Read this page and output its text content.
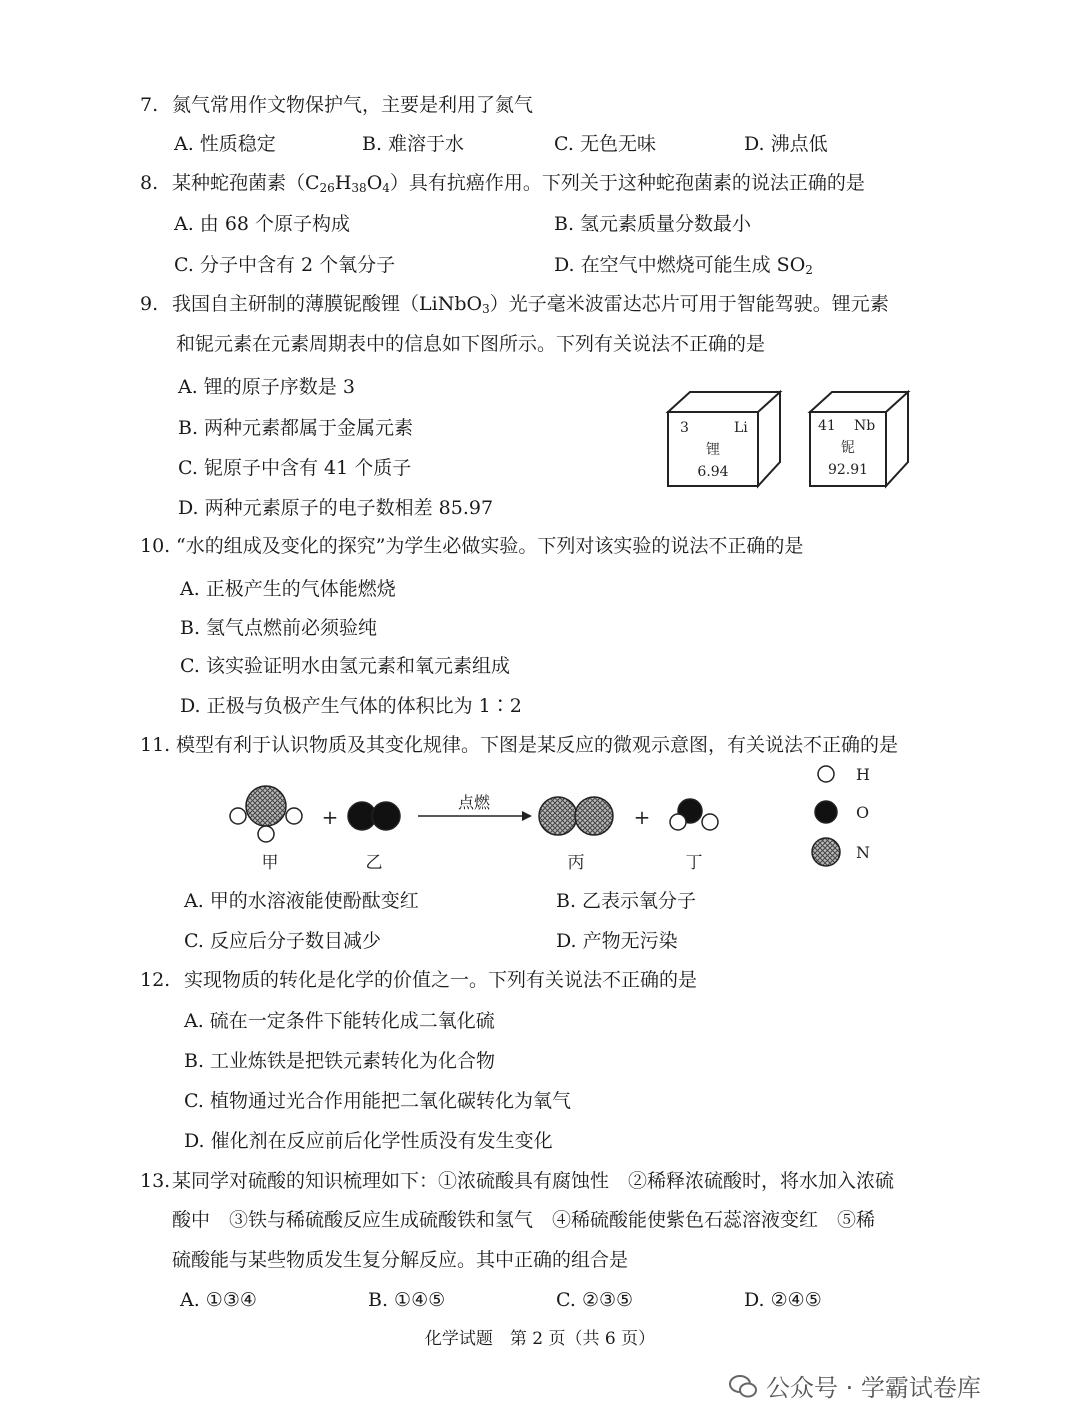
7. 氮气常用作文物保护气，主要是利用了氮气
A. 性质稳定	B. 难溶于水	C. 无色无味	D. 沸点低
8. 某种蛇孢菌素$(C_{26}H_{38}O_4)$具有抗癌作用。下列关于这种蛇孢菌素的说法正确的是
A. 由 68 个原子构成	B. 氢元素质量分数最小
C. 分子中含有 2 个氧分子	D. 在空气中燃烧可能生成 $SO_2$
9. 我国自主研制的薄膜铌酸锂（LiNbO$_3$）光子毫米波雷达芯片可用于智能驾驶。锂元素
和铌元素在元素周期表中的信息如下图所示。下列有关说法不正确的是
A. 锂的原子序数是 3
B. 两种元素都属于金属元素
C. 铌原子中含有 41 个质子
D. 两种元素原子的电子数相差 85.97
3	Li
锂
6.94
41 Nb
铌
92.91
10. “水的组成及变化的探究”为学生必做实验。下列对该实验的说法不正确的是
A. 正极产生的气体能燃烧
B. 氢气点燃前必须验纯
C. 该实验证明水由氢元素和氧元素组成
D. 正极与负极产生气体的体积比为 1∶2
11. 模型有利于认识物质及其变化规律。下图是某反应的微观示意图，有关说法不正确的是
+	+
点燃
甲	乙	丙	丁
H
O
N
A. 甲的水溶液能使酚酞变红	B. 乙表示氧分子
C. 反应后分子数目减少	D. 产物无污染
12. 实现物质的转化是化学的价值之一。下列有关说法不正确的是
A. 硫在一定条件下能转化成二氧化硫
B. 工业炼铁是把铁元素转化为化合物
C. 植物通过光合作用能把二氧化碳转化为氧气
D. 催化剂在反应前后化学性质没有发生变化
13. 某同学对硫酸的知识梳理如下：①浓硫酸具有腐蚀性　②稀释浓硫酸时，将水加入浓硫
酸中　③铁与稀硫酸反应生成硫酸铁和氢气　④稀硫酸能使紫色石蕊溶液变红　⑤稀
硫酸能与某些物质发生复分解反应。其中正确的组合是
A. ①③④	B. ①④⑤	C. ②③⑤	D. ②④⑤
化学试题　第 2 页（共 6 页）
公众号 · 学霸试卷库
